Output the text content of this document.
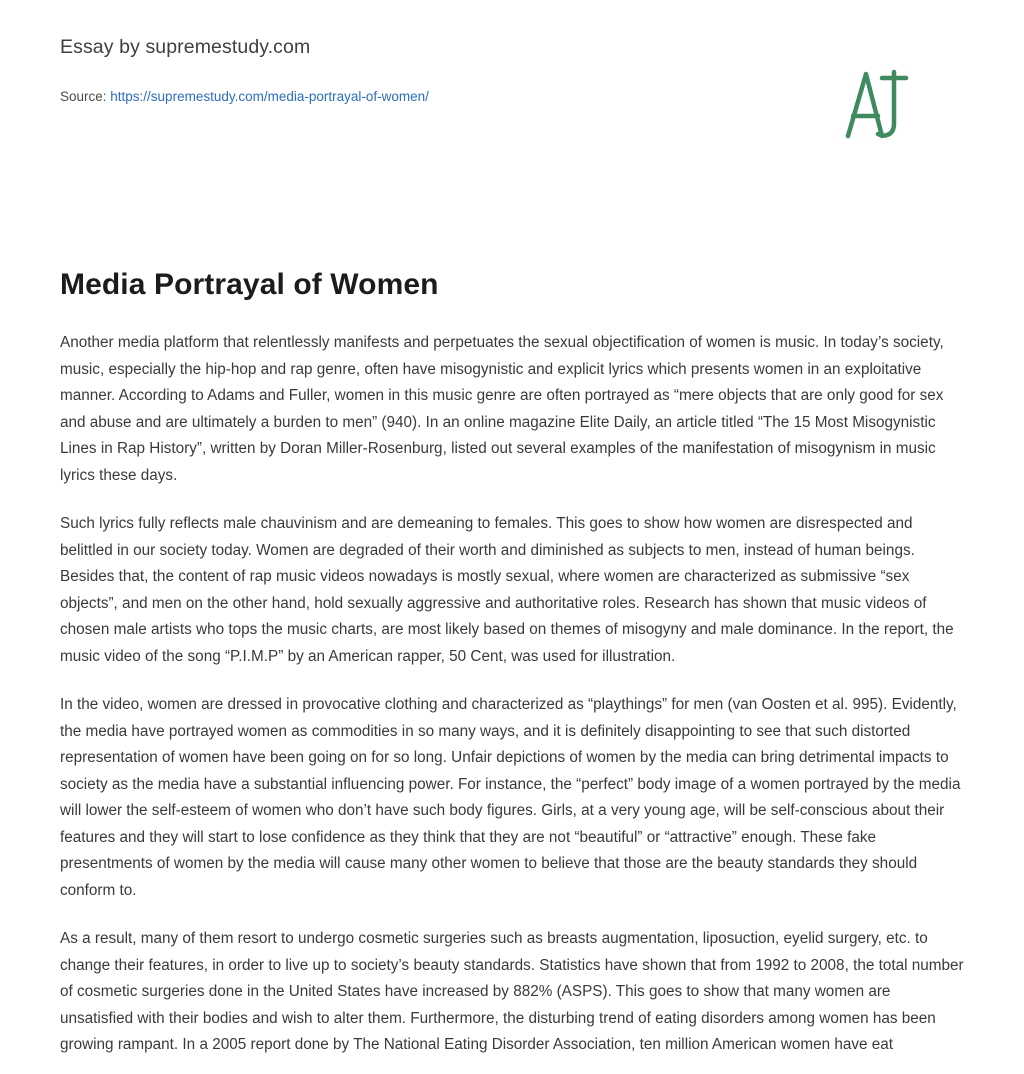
Essay by supremestudy.com
Source: https://supremestudy.com/media-portrayal-of-women/
Media Portrayal of Women

Another media platform that relentlessly manifests and perpetuates the sexual objectification of women is music. In today’s society, music, especially the hip-hop and rap genre, often have misogynistic and explicit lyrics which presents women in an exploitative manner. According to Adams and Fuller, women in this music genre are often portrayed as “mere objects that are only good for sex and abuse and are ultimately a burden to men” (940). In an online magazine Elite Daily, an article titled “The 15 Most Misogynistic Lines in Rap History”, written by Doran Miller-Rosenburg, listed out several examples of the manifestation of misogynism in music lyrics these days.

Such lyrics fully reflects male chauvinism and are demeaning to females. This goes to show how women are disrespected and belittled in our society today. Women are degraded of their worth and diminished as subjects to men, instead of human beings. Besides that, the content of rap music videos nowadays is mostly sexual, where women are characterized as submissive “sex objects”, and men on the other hand, hold sexually aggressive and authoritative roles. Research has shown that music videos of chosen male artists who tops the music charts, are most likely based on themes of misogyny and male dominance. In the report, the music video of the song “P.I.M.P” by an American rapper, 50 Cent, was used for illustration.

In the video, women are dressed in provocative clothing and characterized as “playthings” for men (van Oosten et al. 995). Evidently, the media have portrayed women as commodities in so many ways, and it is definitely disappointing to see that such distorted representation of women have been going on for so long. Unfair depictions of women by the media can bring detrimental impacts to society as the media have a substantial influencing power. For instance, the “perfect” body image of a women portrayed by the media will lower the self-esteem of women who don’t have such body figures. Girls, at a very young age, will be self-conscious about their features and they will start to lose confidence as they think that they are not “beautiful” or “attractive” enough. These fake presentments of women by the media will cause many other women to believe that those are the beauty standards they should conform to.

As a result, many of them resort to undergo cosmetic surgeries such as breasts augmentation, liposuction, eyelid surgery, etc. to change their features, in order to live up to society’s beauty standards. Statistics have shown that from 1992 to 2008, the total number of cosmetic surgeries done in the United States have increased by 882% (ASPS). This goes to show that many women are unsatisfied with their bodies and wish to alter them. Furthermore, the disturbing trend of eating disorders among women has been growing rampant. In a 2005 report done by The National Eating Disorder Association, ten million American women have eat
